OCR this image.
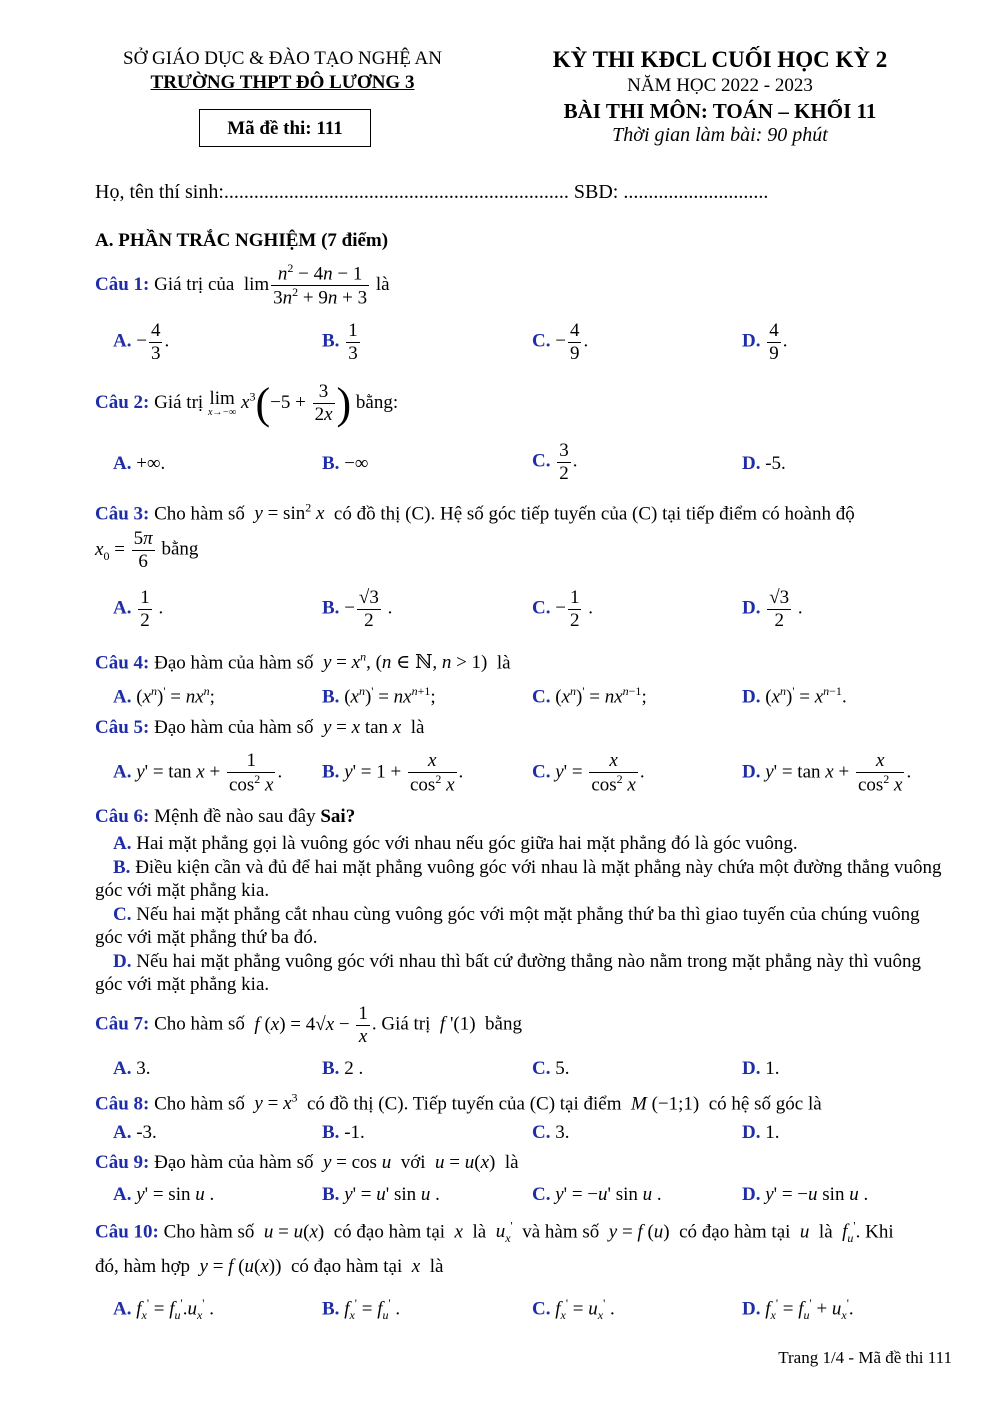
SỞ GIÁO DỤC & ĐÀO TẠO NGHỆ AN
TRƯỜNG THPT ĐÔ LƯƠNG 3
Mã đề thi: 111
KỲ THI KĐCL CUỐI HỌC KỲ 2
NĂM HỌC 2022 - 2023
BÀI THI MÔN: TOÁN – KHỐI 11
Thời gian làm bài: 90 phút
Họ, tên thí sinh:..................................................................... SBD: .............................
A. PHẦN TRẮC NGHIỆM (7 điểm)
Câu 1: Giá trị của  $\lim \frac{n^2 - 4n - 1}{3n^2 + 9n + 3}$ là
A. − $\frac{4}{3}$ .	B. $\frac{1}{3}$	C. − $\frac{4}{9}$ .	D. $\frac{4}{9}$ .
Câu 2: Giá trị lim
x→−∞ $x^3(-5 + \frac{3}{2x}$ ) bằng:
A. +∞.	B. −∞	C. $\frac{3}{2}$ .	D. -5.
Câu 3: Cho hàm số $y = \sin^2 x$ có đồ thị (C). Hệ số góc tiếp tuyến của (C) tại tiếp điểm có hoành độ
$x_0 = \frac{5\pi}{6}$ bằng
A. $\frac{1}{2}$ .	B. − $\frac{√3}{2}$ .	C. − $\frac{1}{2}$ .	D. $\frac{√3}{2}$ .
Câu 4: Đạo hàm của hàm số $y = x^n$, (n ∈ ℕ, n > 1)  là
A. $(x^n)' = nx^n$;	B. $(x^n)' = nx^{n+1}$;	C. $(x^n)' = nx^{n-1}$;	D. $(x^n)' = x^{n-1}$.
Câu 5: Đạo hàm của hàm số y = x tan x là
A. $y' = \tan x + \frac{1}{\cos^2 x}$ . B. $y' = 1 + \frac{x}{\cos^2 x}$ .	C. $y' = \frac{x}{\cos^2 x}$ .	D. $y' = \tan x + \frac{x}{\cos^2 x}$ .
Câu 6: Mệnh đề nào sau đây Sai?
A. Hai mặt phẳng gọi là vuông góc với nhau nếu góc giữa hai mặt phẳng đó là góc vuông.
B. Điều kiện cần và đủ để hai mặt phẳng vuông góc với nhau là mặt phẳng này chứa một đường thẳng vuông góc với mặt phẳng kia.
C. Nếu hai mặt phẳng cắt nhau cùng vuông góc với một mặt phẳng thứ ba thì giao tuyến của chúng vuông góc với mặt phẳng thứ ba đó.
D. Nếu hai mặt phẳng vuông góc với nhau thì bất cứ đường thẳng nào nằm trong mặt phẳng này thì vuông góc với mặt phẳng kia.
Câu 7: Cho hàm số f $(x) = 4√x - \frac{1}{x}$ . Giá trị f '(1)  bằng
A. 3.	B. 2 .	C. 5.	D. 1.
Câu 8: Cho hàm số $y = x^3$ có đồ thị (C). Tiếp tuyến của (C) tại điểm M (−1;1)  có hệ số góc là
A. -3.	B. -1.	C. 3.	D. 1.
Câu 9: Đạo hàm của hàm số y = cos u với u = u(x)  là
A. y' = sin u .	B. y' = u' sin u .	C. y' = −u' sin u .	D. y' = −u sin u .
Câu 10: Cho hàm số u = u(x)  có đạo hàm tại  x  là $u_x'$ và hàm số y = f (u)  có đạo hàm tại  u  là $f_u'$. Khi
đó, hàm hợp y = f (u(x))  có đạo hàm tại  x  là
A. $f_x' = f_u'.u_x'$ .	B. $f_x' = f_u'$ .	C. $f_x' = u_x'$ .	D. $f_x' = f_u' + u_x'$.
Trang 1/4 - Mã đề thi 111
